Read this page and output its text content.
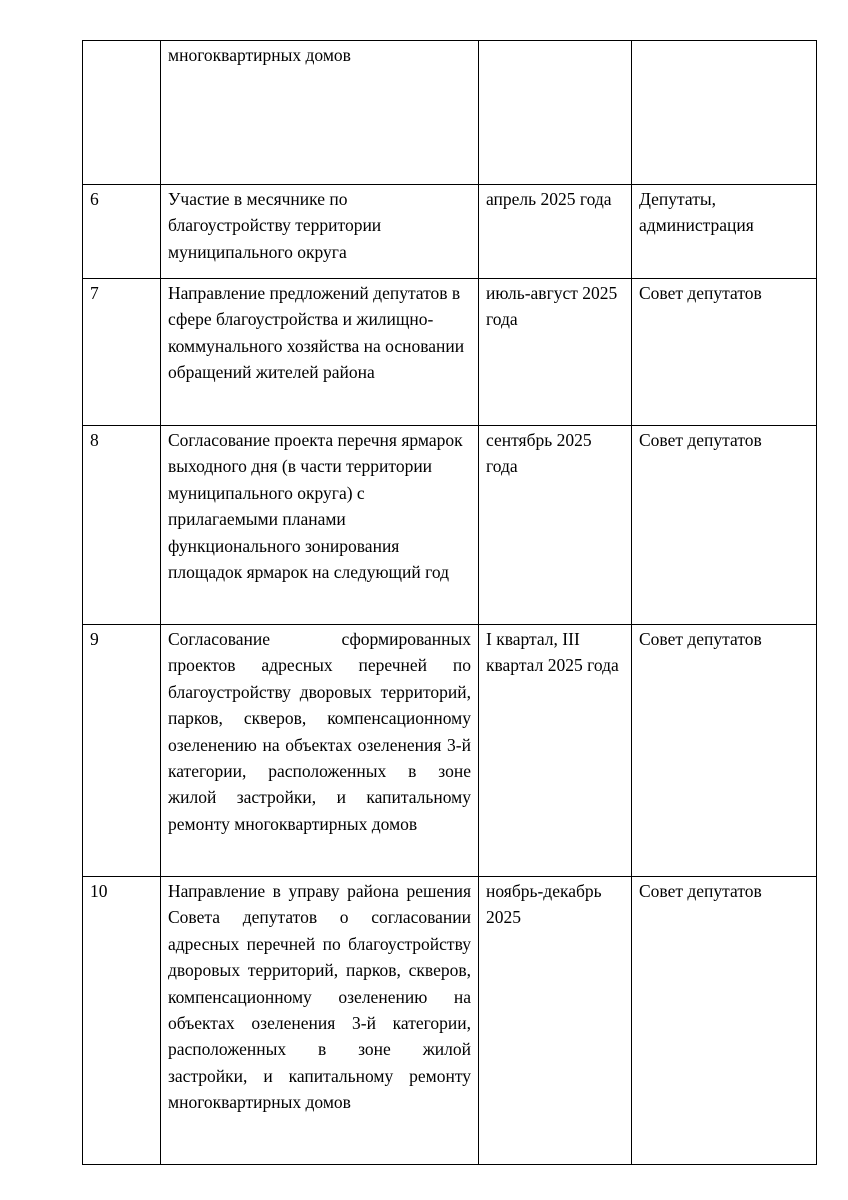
	многоквартирных домов		
6	Участие в месячнике по благоустройству территории муниципального округа	апрель 2025 года	Депутаты, администрация
7	Направление предложений депутатов в сфере благоустройства и жилищно- коммунального хозяйства на основании обращений жителей района	июль-август 2025 года	Совет депутатов
8	Согласование проекта перечня ярмарок выходного дня (в части территории муниципального округа) с прилагаемыми планами функционального зонирования площадок ярмарок на следующий год	сентябрь 2025 года	Совет депутатов
9	Согласование сформированных проектов адресных перечней по благоустройству дворовых территорий, парков, скверов, компенсационному озеленению на объектах озеленения 3-й категории, расположенных в зоне жилой застройки, и капитальному ремонту многоквартирных домов	I квартал, III квартал 2025 года	Совет депутатов
10	Направление в управу района решения Совета депутатов о согласовании адресных перечней по благоустройству дворовых территорий, парков, скверов, компенсационному озеленению на объектах озеленения 3-й категории, расположенных в зоне жилой застройки, и капитальному ремонту многоквартирных домов	ноябрь-декабрь 2025	Совет депутатов
